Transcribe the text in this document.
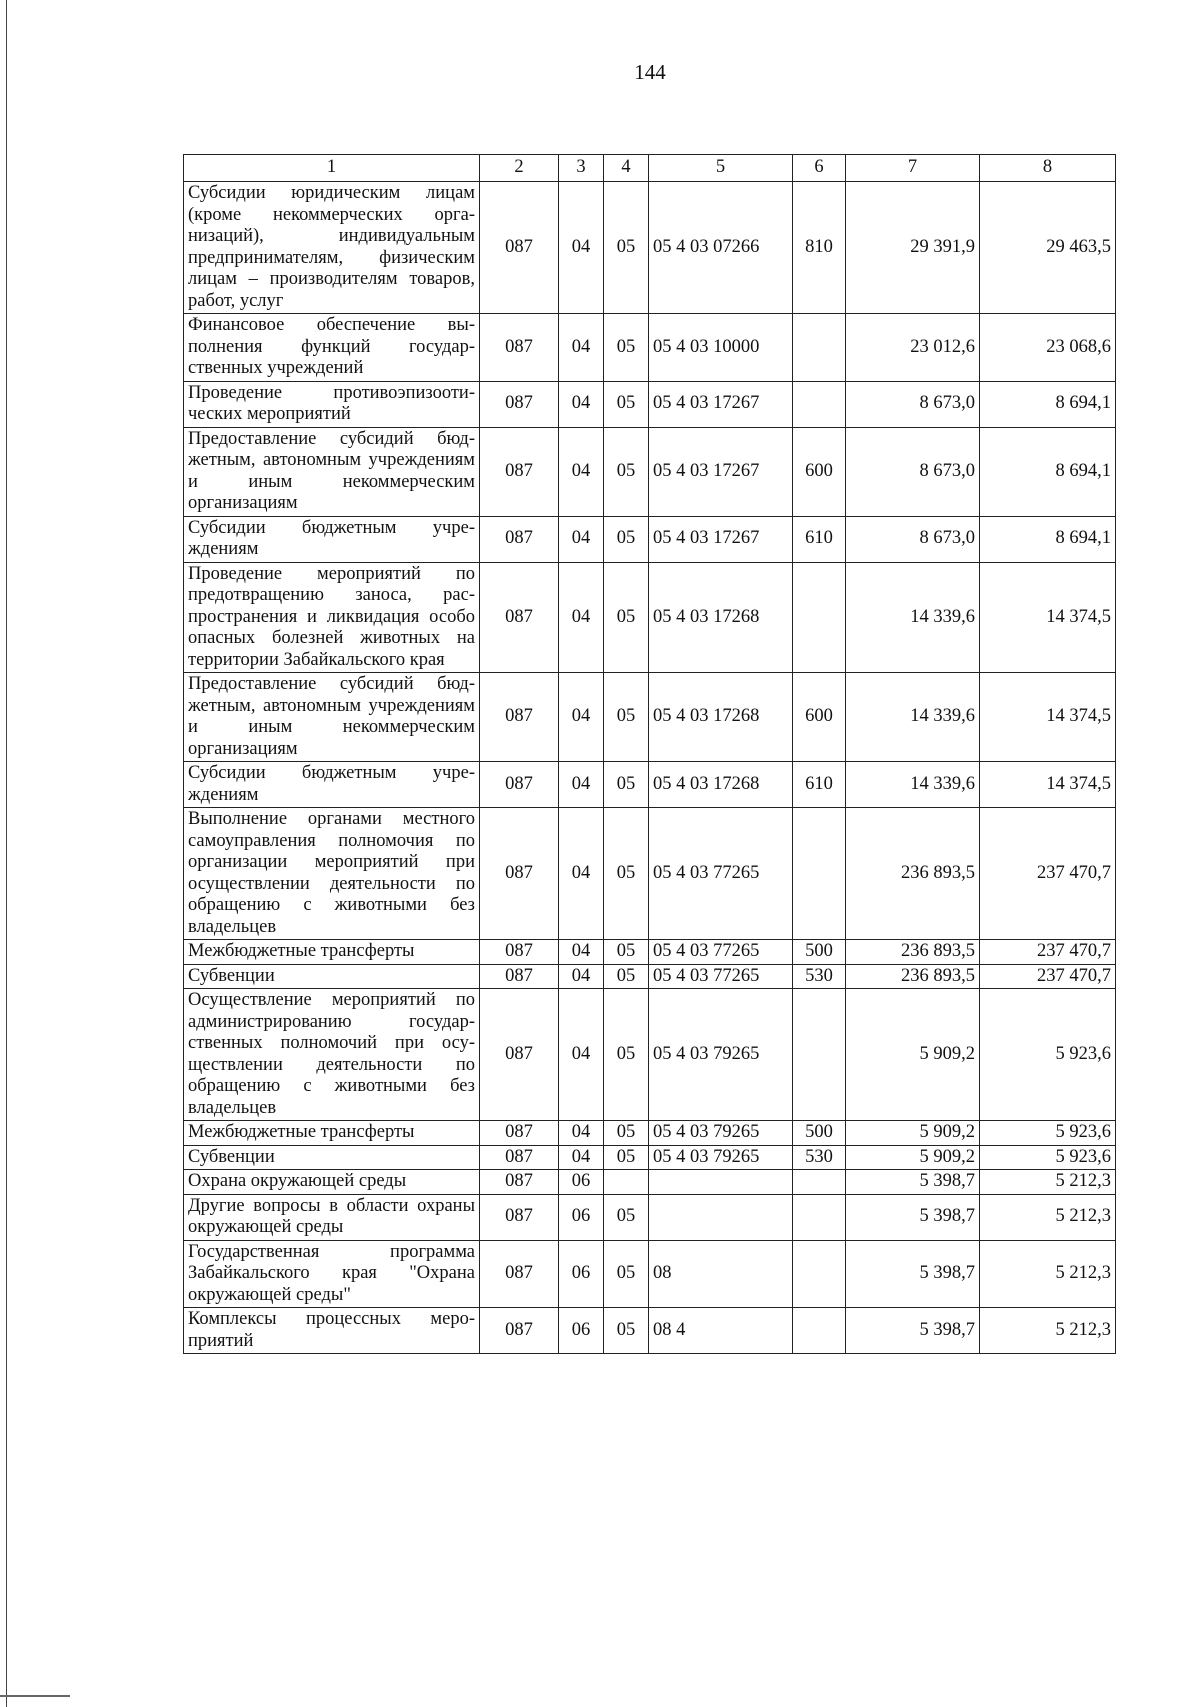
144
1	2	3	4	5	6	7	8
Субсидии юридическим лицам (кроме некоммерческих организаций), индивидуальным предпринимателям, физическим лицам – производителям товаров, работ, услуг	087	04	05	05 4 03 07266	810	29 391,9	29 463,5
Финансовое обеспечение выполнения функций государственных учреждений	087	04	05	05 4 03 10000		23 012,6	23 068,6
Проведение противоэпизоотических мероприятий	087	04	05	05 4 03 17267		8 673,0	8 694,1
Предоставление субсидий бюджетным, автономным учреждениям и иным некоммерческим организациям	087	04	05	05 4 03 17267	600	8 673,0	8 694,1
Субсидии бюджетным учреждениям	087	04	05	05 4 03 17267	610	8 673,0	8 694,1
Проведение мероприятий по предотвращению заноса, распространения и ликвидация особо опасных болезней животных на территории Забайкальского края	087	04	05	05 4 03 17268		14 339,6	14 374,5
Предоставление субсидий бюджетным, автономным учреждениям и иным некоммерческим организациям	087	04	05	05 4 03 17268	600	14 339,6	14 374,5
Субсидии бюджетным учреждениям	087	04	05	05 4 03 17268	610	14 339,6	14 374,5
Выполнение органами местного самоуправления полномочия по организации мероприятий при осуществлении деятельности по обращению с животными без владельцев	087	04	05	05 4 03 77265		236 893,5	237 470,7
Межбюджетные трансферты	087	04	05	05 4 03 77265	500	236 893,5	237 470,7
Субвенции	087	04	05	05 4 03 77265	530	236 893,5	237 470,7
Осуществление мероприятий по администрированию государственных полномочий при осуществлении деятельности по обращению с животными без владельцев	087	04	05	05 4 03 79265		5 909,2	5 923,6
Межбюджетные трансферты	087	04	05	05 4 03 79265	500	5 909,2	5 923,6
Субвенции	087	04	05	05 4 03 79265	530	5 909,2	5 923,6
Охрана окружающей среды	087	06				5 398,7	5 212,3
Другие вопросы в области охраны окружающей среды	087	06	05			5 398,7	5 212,3
Государственная программа Забайкальского края "Охрана окружающей среды"	087	06	05	08		5 398,7	5 212,3
Комплексы процессных мероприятий	087	06	05	08 4		5 398,7	5 212,3
